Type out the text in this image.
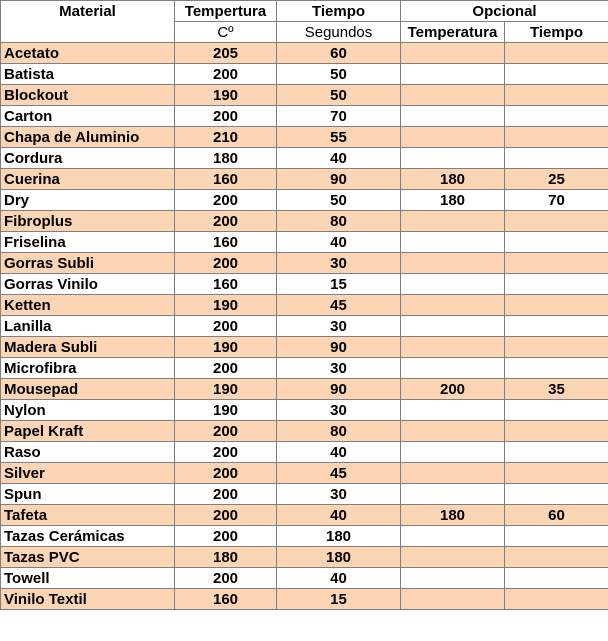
Material	Tempertura	Tiempo	Opcional	
	Cº	Segundos	Temperatura	Tiempo
Acetato	205	60		
Batista	200	50		
Blockout	190	50		
Carton	200	70		
Chapa de Aluminio	210	55		
Cordura	180	40		
Cuerina	160	90	180	25
Dry	200	50	180	70
Fibroplus	200	80		
Friselina	160	40		
Gorras Subli	200	30		
Gorras Vinilo	160	15		
Ketten	190	45		
Lanilla	200	30		
Madera Subli	190	90		
Microfibra	200	30		
Mousepad	190	90	200	35
Nylon	190	30		
Papel Kraft	200	80		
Raso	200	40		
Silver	200	45		
Spun	200	30		
Tafeta	200	40	180	60
Tazas Cerámicas	200	180		
Tazas PVC	180	180		
Towell	200	40		
Vinilo Textil	160	15		
